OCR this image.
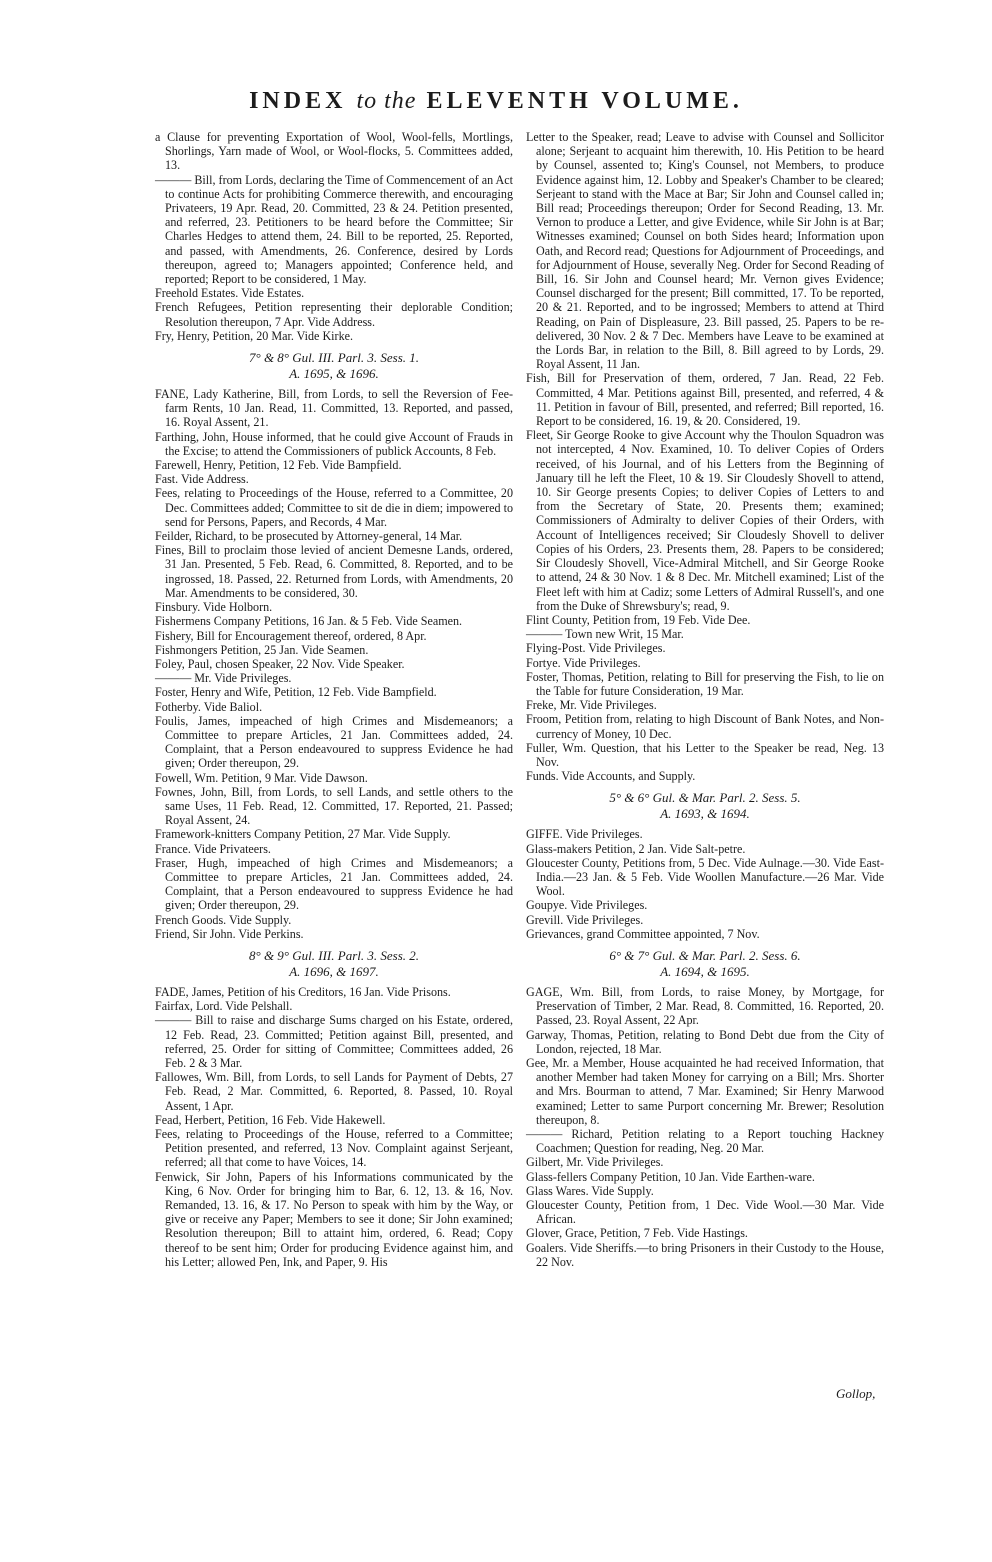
INDEX to the ELEVENTH VOLUME.

a Clause for preventing Exportation of Wool, Wool-fells, Mortlings, Shorlings, Yarn made of Wool, or Wool-flocks, 5. Committees added, 13.

——— Bill, from Lords, declaring the Time of Commencement of an Act to continue Acts for prohibiting Commerce therewith, and encouraging Privateers, 19 Apr. Read, 20. Committed, 23 & 24. Petition presented, and referred, 23. Petitioners to be heard before the Committee; Sir Charles Hedges to attend them, 24. Bill to be reported, 25. Reported, and passed, with Amendments, 26. Conference, desired by Lords thereupon, agreed to; Managers appointed; Conference held, and reported; Report to be considered, 1 May.

Freehold Estates. Vide Estates.

French Refugees, Petition representing their deplorable Condition; Resolution thereupon, 7 Apr. Vide Address.

Fry, Henry, Petition, 20 Mar. Vide Kirke.

7° & 8° Gul. III. Parl. 3. Sess. 1.
A. 1695, & 1696.

FANE, Lady Katherine, Bill, from Lords, to sell the Reversion of Fee-farm Rents, 10 Jan. Read, 11. Committed, 13. Reported, and passed, 16. Royal Assent, 21.

Farthing, John, House informed, that he could give Account of Frauds in the Excise; to attend the Commissioners of publick Accounts, 8 Feb.

Farewell, Henry, Petition, 12 Feb. Vide Bampfield.

Fast. Vide Address.

Fees, relating to Proceedings of the House, referred to a Committee, 20 Dec. Committees added; Committee to sit de die in diem; impowered to send for Persons, Papers, and Records, 4 Mar.

Feilder, Richard, to be prosecuted by Attorney-general, 14 Mar.

Fines, Bill to proclaim those levied of ancient Demesne Lands, ordered, 31 Jan. Presented, 5 Feb. Read, 6. Committed, 8. Reported, and to be ingrossed, 18. Passed, 22. Returned from Lords, with Amendments, 20 Mar. Amendments to be considered, 30.

Finsbury. Vide Holborn.

Fishermens Company Petitions, 16 Jan. & 5 Feb. Vide Seamen.

Fishery, Bill for Encouragement thereof, ordered, 8 Apr.

Fishmongers Petition, 25 Jan. Vide Seamen.

Foley, Paul, chosen Speaker, 22 Nov. Vide Speaker.

——— Mr. Vide Privileges.

Foster, Henry and Wife, Petition, 12 Feb. Vide Bampfield.

Fotherby. Vide Baliol.

Foulis, James, impeached of high Crimes and Misdemeanors; a Committee to prepare Articles, 21 Jan. Committees added, 24. Complaint, that a Person endeavoured to suppress Evidence he had given; Order thereupon, 29.

Fowell, Wm. Petition, 9 Mar. Vide Dawson.

Fownes, John, Bill, from Lords, to sell Lands, and settle others to the same Uses, 11 Feb. Read, 12. Committed, 17. Reported, 21. Passed; Royal Assent, 24.

Framework-knitters Company Petition, 27 Mar. Vide Supply.

France. Vide Privateers.

Fraser, Hugh, impeached of high Crimes and Misdemeanors; a Committee to prepare Articles, 21 Jan. Committees added, 24. Complaint, that a Person endeavoured to suppress Evidence he had given; Order thereupon, 29.

French Goods. Vide Supply.

Friend, Sir John. Vide Perkins.

8° & 9° Gul. III. Parl. 3. Sess. 2.
A. 1696, & 1697.

FADE, James, Petition of his Creditors, 16 Jan. Vide Prisons.

Fairfax, Lord. Vide Pelshall.

——— Bill to raise and discharge Sums charged on his Estate, ordered, 12 Feb. Read, 23. Committed; Petition against Bill, presented, and referred, 25. Order for sitting of Committee; Committees added, 26 Feb. 2 & 3 Mar.

Fallowes, Wm. Bill, from Lords, to sell Lands for Payment of Debts, 27 Feb. Read, 2 Mar. Committed, 6. Reported, 8. Passed, 10. Royal Assent, 1 Apr.

Fead, Herbert, Petition, 16 Feb. Vide Hakewell.

Fees, relating to Proceedings of the House, referred to a Committee; Petition presented, and referred, 13 Nov. Complaint against Serjeant, referred; all that come to have Voices, 14.

Fenwick, Sir John, Papers of his Informations communicated by the King, 6 Nov. Order for bringing him to Bar, 6. 12, 13. & 16, Nov. Remanded, 13. 16, & 17. No Person to speak with him by the Way, or give or receive any Paper; Members to see it done; Sir John examined; Resolution thereupon; Bill to attaint him, ordered, 6. Read; Copy thereof to be sent him; Order for producing Evidence against him, and his Letter; allowed Pen, Ink, and Paper, 9. His

Letter to the Speaker, read; Leave to advise with Counsel and Sollicitor alone; Serjeant to acquaint him therewith, 10. His Petition to be heard by Counsel, assented to; King's Counsel, not Members, to produce Evidence against him, 12. Lobby and Speaker's Chamber to be cleared; Serjeant to stand with the Mace at Bar; Sir John and Counsel called in; Bill read; Proceedings thereupon; Order for Second Reading, 13. Mr. Vernon to produce a Letter, and give Evidence, while Sir John is at Bar; Witnesses examined; Counsel on both Sides heard; Information upon Oath, and Record read; Questions for Adjournment of Proceedings, and for Adjournment of House, severally Neg. Order for Second Reading of Bill, 16. Sir John and Counsel heard; Mr. Vernon gives Evidence; Counsel discharged for the present; Bill committed, 17. To be reported, 20 & 21. Reported, and to be ingrossed; Members to attend at Third Reading, on Pain of Displeasure, 23. Bill passed, 25. Papers to be re-delivered, 30 Nov. 2 & 7 Dec. Members have Leave to be examined at the Lords Bar, in relation to the Bill, 8. Bill agreed to by Lords, 29. Royal Assent, 11 Jan.

Fish, Bill for Preservation of them, ordered, 7 Jan. Read, 22 Feb. Committed, 4 Mar. Petitions against Bill, presented, and referred, 4 & 11. Petition in favour of Bill, presented, and referred; Bill reported, 16. Report to be considered, 16. 19, & 20. Considered, 19.

Fleet, Sir George Rooke to give Account why the Thoulon Squadron was not intercepted, 4 Nov. Examined, 10. To deliver Copies of Orders received, of his Journal, and of his Letters from the Beginning of January till he left the Fleet, 10 & 19. Sir Cloudesly Shovell to attend, 10. Sir George presents Copies; to deliver Copies of Letters to and from the Secretary of State, 20. Presents them; examined; Commissioners of Admiralty to deliver Copies of their Orders, with Account of Intelligences received; Sir Cloudesly Shovell to deliver Copies of his Orders, 23. Presents them, 28. Papers to be considered; Sir Cloudesly Shovell, Vice-Admiral Mitchell, and Sir George Rooke to attend, 24 & 30 Nov. 1 & 8 Dec. Mr. Mitchell examined; List of the Fleet left with him at Cadiz; some Letters of Admiral Russell's, and one from the Duke of Shrewsbury's; read, 9.

Flint County, Petition from, 19 Feb. Vide Dee.

——— Town new Writ, 15 Mar.

Flying-Post. Vide Privileges.

Fortye. Vide Privileges.

Foster, Thomas, Petition, relating to Bill for preserving the Fish, to lie on the Table for future Consideration, 19 Mar.

Freke, Mr. Vide Privileges.

Froom, Petition from, relating to high Discount of Bank Notes, and Non-currency of Money, 10 Dec.

Fuller, Wm. Question, that his Letter to the Speaker be read, Neg. 13 Nov.

Funds. Vide Accounts, and Supply.

5° & 6° Gul. & Mar. Parl. 2. Sess. 5.
A. 1693, & 1694.

GIFFE. Vide Privileges.

Glass-makers Petition, 2 Jan. Vide Salt-petre.

Gloucester County, Petitions from, 5 Dec. Vide Aulnage.—30. Vide East-India.—23 Jan. & 5 Feb. Vide Woollen Manufacture.—26 Mar. Vide Wool.

Goupye. Vide Privileges.

Grevill. Vide Privileges.

Grievances, grand Committee appointed, 7 Nov.

6° & 7° Gul. & Mar. Parl. 2. Sess. 6.
A. 1694, & 1695.

GAGE, Wm. Bill, from Lords, to raise Money, by Mortgage, for Preservation of Timber, 2 Mar. Read, 8. Committed, 16. Reported, 20. Passed, 23. Royal Assent, 22 Apr.

Garway, Thomas, Petition, relating to Bond Debt due from the City of London, rejected, 18 Mar.

Gee, Mr. a Member, House acquainted he had received Information, that another Member had taken Money for carrying on a Bill; Mrs. Shorter and Mrs. Bourman to attend, 7 Mar. Examined; Sir Henry Marwood examined; Letter to same Purport concerning Mr. Brewer; Resolution thereupon, 8.

——— Richard, Petition relating to a Report touching Hackney Coachmen; Question for reading, Neg. 20 Mar.

Gilbert, Mr. Vide Privileges.

Glass-fellers Company Petition, 10 Jan. Vide Earthen-ware.

Glass Wares. Vide Supply.

Gloucester County, Petition from, 1 Dec. Vide Wool.—30 Mar. Vide African.

Glover, Grace, Petition, 7 Feb. Vide Hastings.

Goalers. Vide Sheriffs.—to bring Prisoners in their Custody to the House, 22 Nov.

Gollop,
